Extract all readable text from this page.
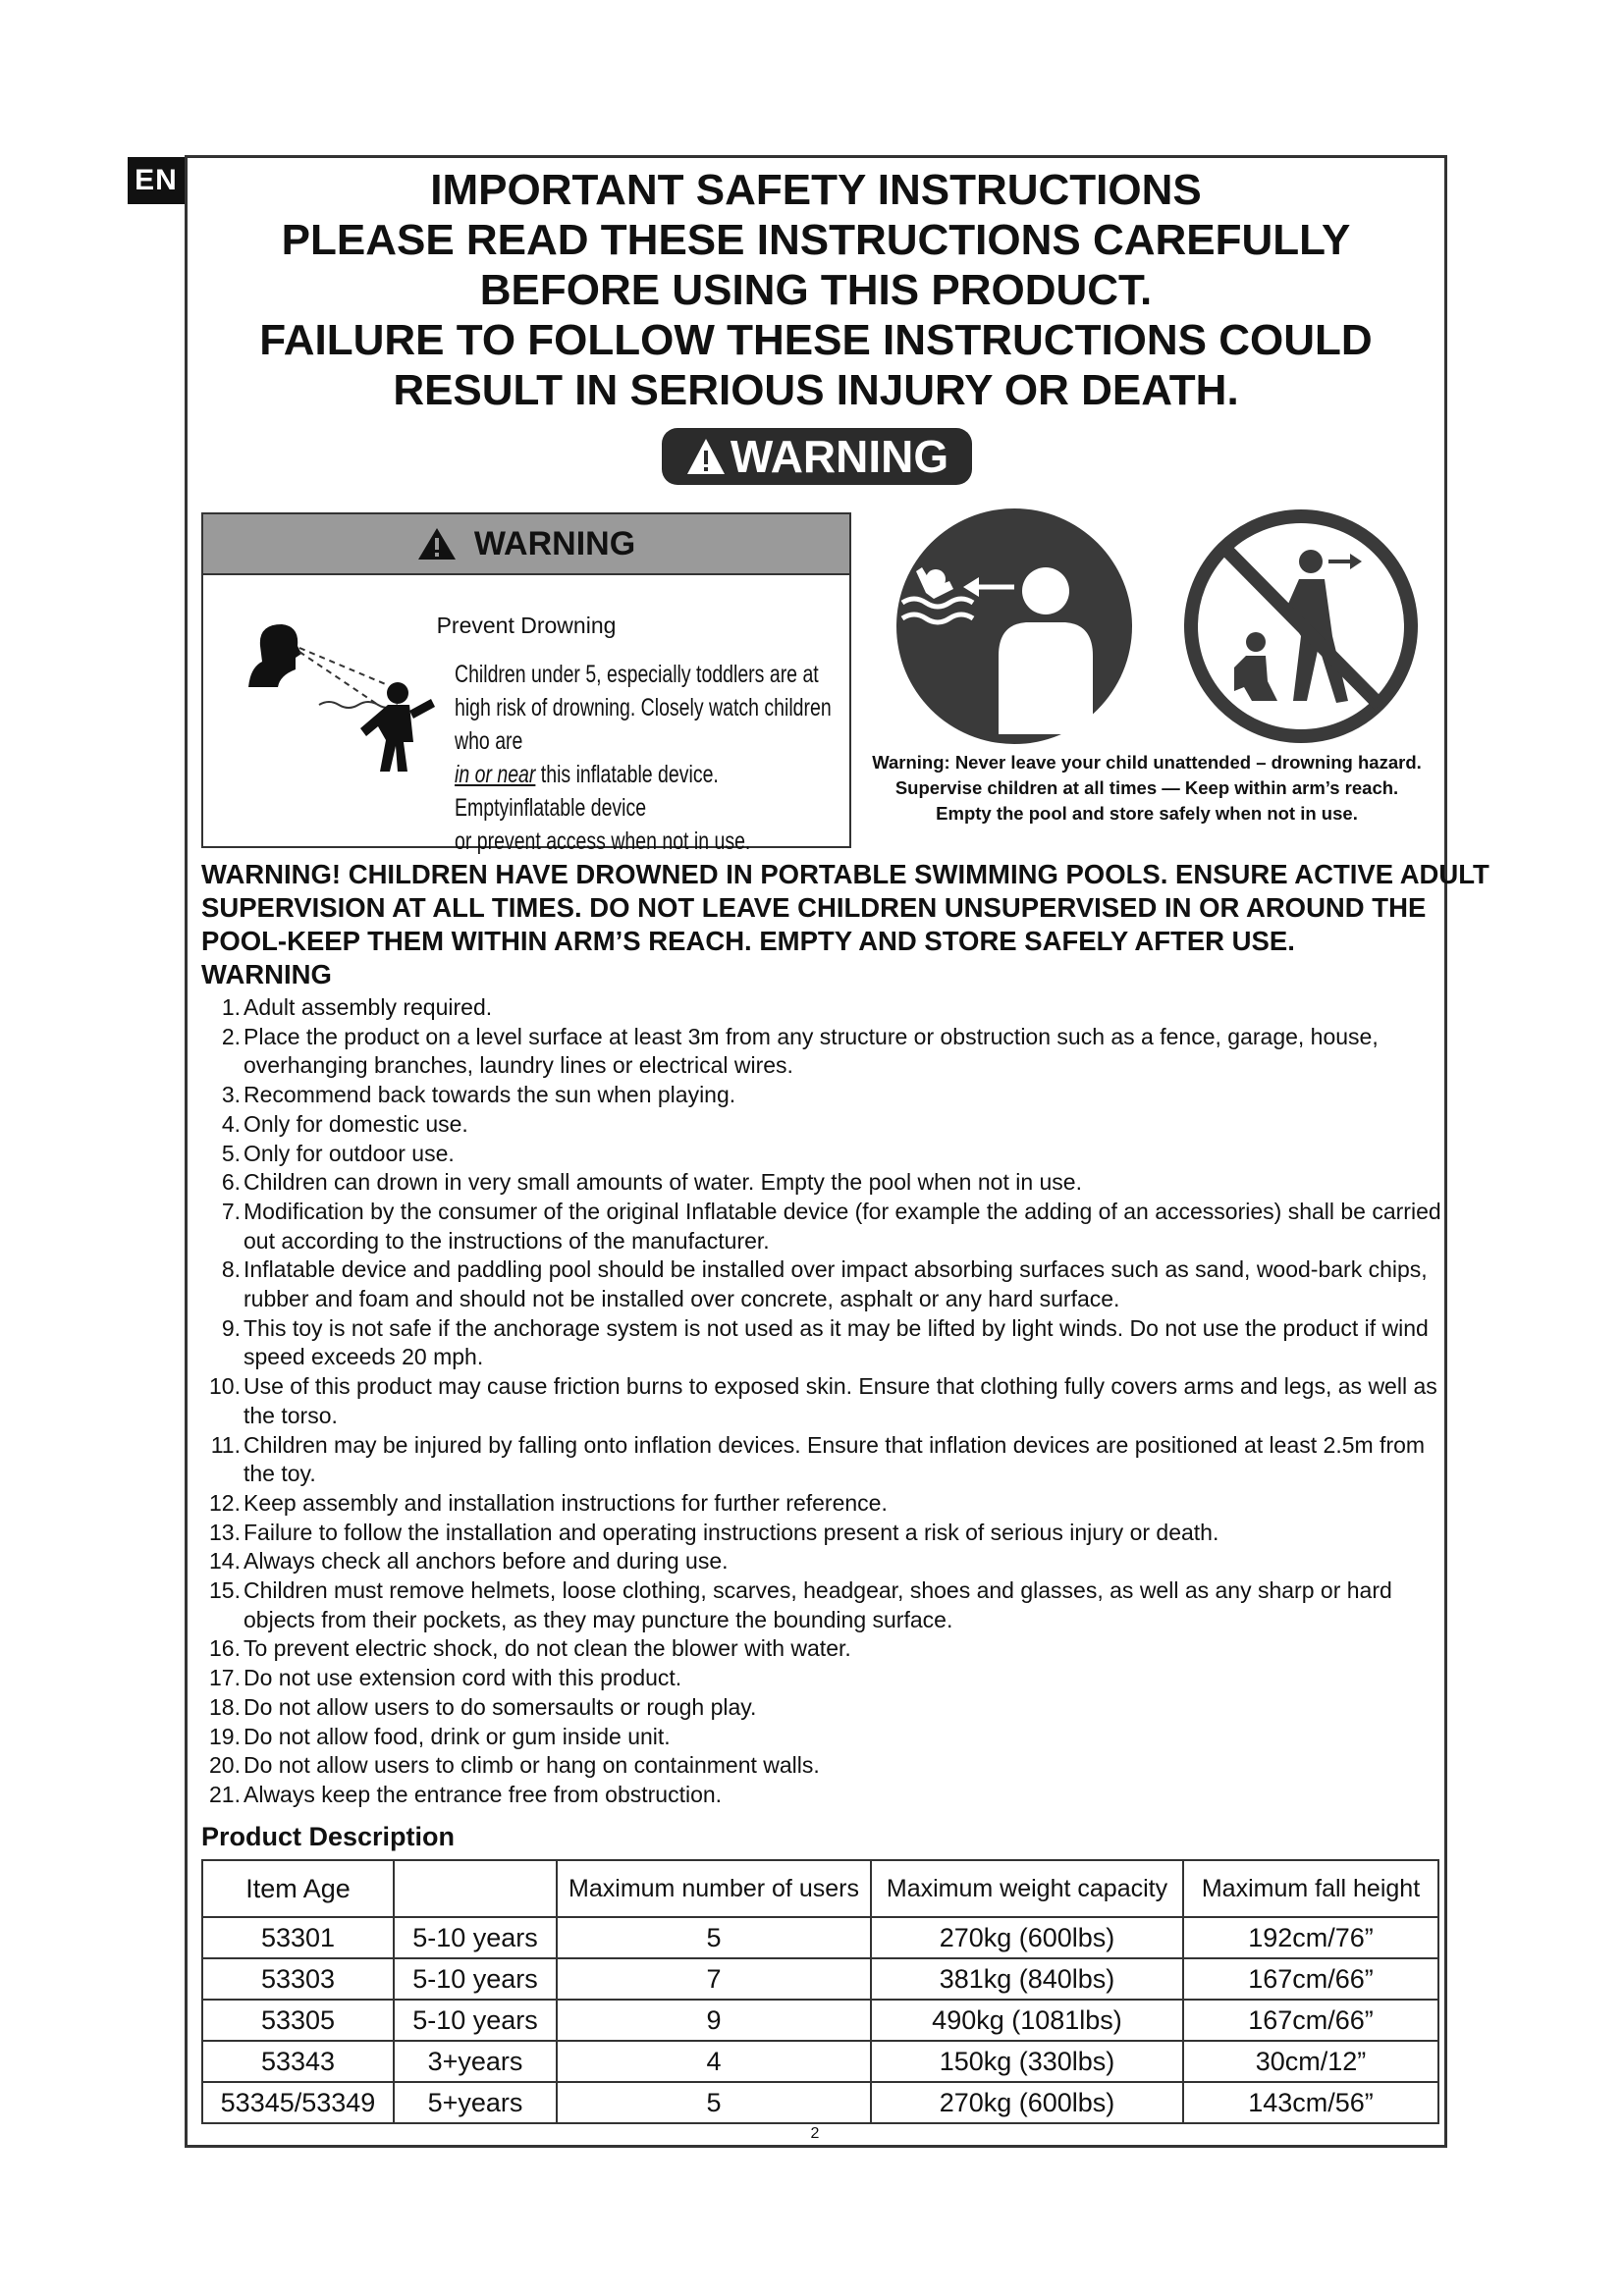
EN	IMPORTANT SAFETY INSTRUCTIONS
PLEASE READ THESE INSTRUCTIONS CAREFULLY
BEFORE USING THIS PRODUCT.
FAILURE TO FOLLOW THESE INSTRUCTIONS COULD
RESULT IN SERIOUS INJURY OR DEATH.
WARNING
WARNING
Prevent Drowning
Children under 5, especially toddlers are at
high risk of drowning. Closely watch children who are
in or near this inflatable device. Emptyinflatable device
or prevent access when not in use.
Warning: Never leave your child unattended – drowning hazard.
Supervise children at all times — Keep within arm’s reach.
Empty the pool and store safely when not in use.
WARNING! CHILDREN HAVE DROWNED IN PORTABLE SWIMMING POOLS. ENSURE ACTIVE ADULT
SUPERVISION AT ALL TIMES. DO NOT LEAVE CHILDREN UNSUPERVISED IN OR AROUND THE
POOL-KEEP THEM WITHIN ARM’S REACH. EMPTY AND STORE SAFELY AFTER USE.
WARNING
1. Adult assembly required.
2. Place the product on a level surface at least 3m from any structure or obstruction such as a fence, garage, house, overhanging branches, laundry lines or electrical wires.
3. Recommend back towards the sun when playing.
4. Only for domestic use.
5. Only for outdoor use.
6. Children can drown in very small amounts of water. Empty the pool when not in use.
7. Modification by the consumer of the original Inflatable device (for example the adding of an accessories) shall be carried out according to the instructions of the manufacturer.
8. Inflatable device and paddling pool should be installed over impact absorbing surfaces such as sand, wood-bark chips, rubber and foam and should not be installed over concrete, asphalt or any hard surface.
9. This toy is not safe if the anchorage system is not used as it may be lifted by light winds. Do not use the product if wind speed exceeds 20 mph.
10. Use of this product may cause friction burns to exposed skin. Ensure that clothing fully covers arms and legs, as well as the torso.
11. Children may be injured by falling onto inflation devices. Ensure that inflation devices are positioned at least 2.5m from the toy.
12. Keep assembly and installation instructions for further reference.
13. Failure to follow the installation and operating instructions present a risk of serious injury or death.
14. Always check all anchors before and during use.
15. Children must remove helmets, loose clothing, scarves, headgear, shoes and glasses, as well as any sharp or hard objects from their pockets, as they may puncture the bounding surface.
16. To prevent electric shock, do not clean the blower with water.
17. Do not use extension cord with this product.
18. Do not allow users to do somersaults or rough play.
19. Do not allow food, drink or gum inside unit.
20. Do not allow users to climb or hang on containment walls.
21. Always keep the entrance free from obstruction.
Product Description
Item Age		Maximum number of users	Maximum weight capacity	Maximum fall height
53301	5-10 years	5	270kg (600lbs)	192cm/76”
53303	5-10 years	7	381kg (840lbs)	167cm/66”
53305	5-10 years	9	490kg (1081lbs)	167cm/66”
53343	3+years	4	150kg (330lbs)	30cm/12”
53345/53349	5+years	5	270kg (600lbs)	143cm/56”
2
